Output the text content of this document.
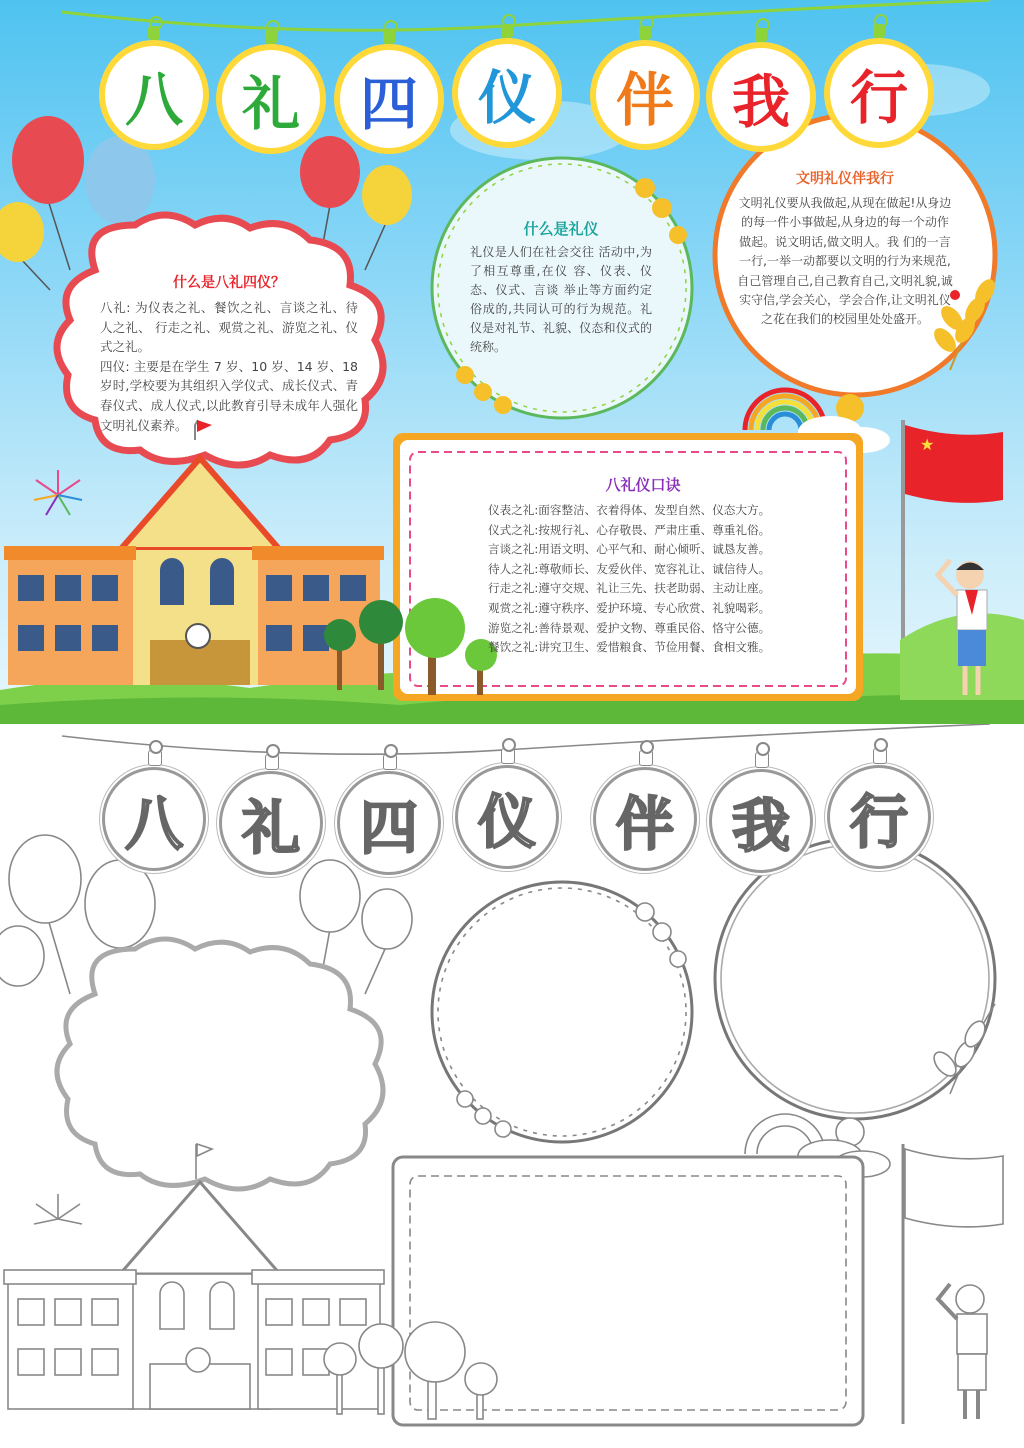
★
八 礼 四 仪 伴 我 行
什么是八礼四仪？

八礼: 为仪表之礼、餐饮之礼、言谈之礼、待人之礼、 行走之礼、观赏之礼、游览之礼、仪式之礼。

四仪: 主要是在学生 7 岁、10 岁、14 岁、18 岁时,学校要为其组织入学仪式、成长仪式、青春仪式、成人仪式,以此教育引导未成年人强化文明礼仪素养。

什么是礼仪

礼仪是人们在社会交往 活动中,为了相互尊重,在仪 容、仪表、仪态、仪式、言谈 举止等方面约定俗成的,共同认可的行为规范。礼仪是对礼节、礼貌、仪态和仪式的统称。

文明礼仪伴我行

文明礼仪要从我做起,从现在做起!从身边的每一件小事做起,从身边的每一个动作做起。说文明话,做文明人。我 们的一言一行,一举一动都要以文明的行为来规范,自己管理自己,自己教育自己,文明礼貌,诚实守信,学会关心，学会合作,让文明礼仪之花在我们的校园里处处盛开。

八礼仪口诀
仪表之礼:面容整洁、衣着得体、发型自然、仪态大方。
仪式之礼:按规行礼、心存敬畏、严肃庄重、尊重礼俗。
言谈之礼:用语文明、心平气和、耐心倾听、诚恳友善。
待人之礼:尊敬师长、友爱伙伴、宽容礼让、诚信待人。
行走之礼:遵守交规、礼让三先、扶老助弱、主动让座。
观赏之礼:遵守秩序、爱护环境、专心欣赏、礼貌喝彩。
游览之礼:善待景观、爱护文物、尊重民俗、恪守公德。
餐饮之礼:讲究卫生、爱惜粮食、节俭用餐、食相文雅。
八 礼 四 仪 伴 我 行
